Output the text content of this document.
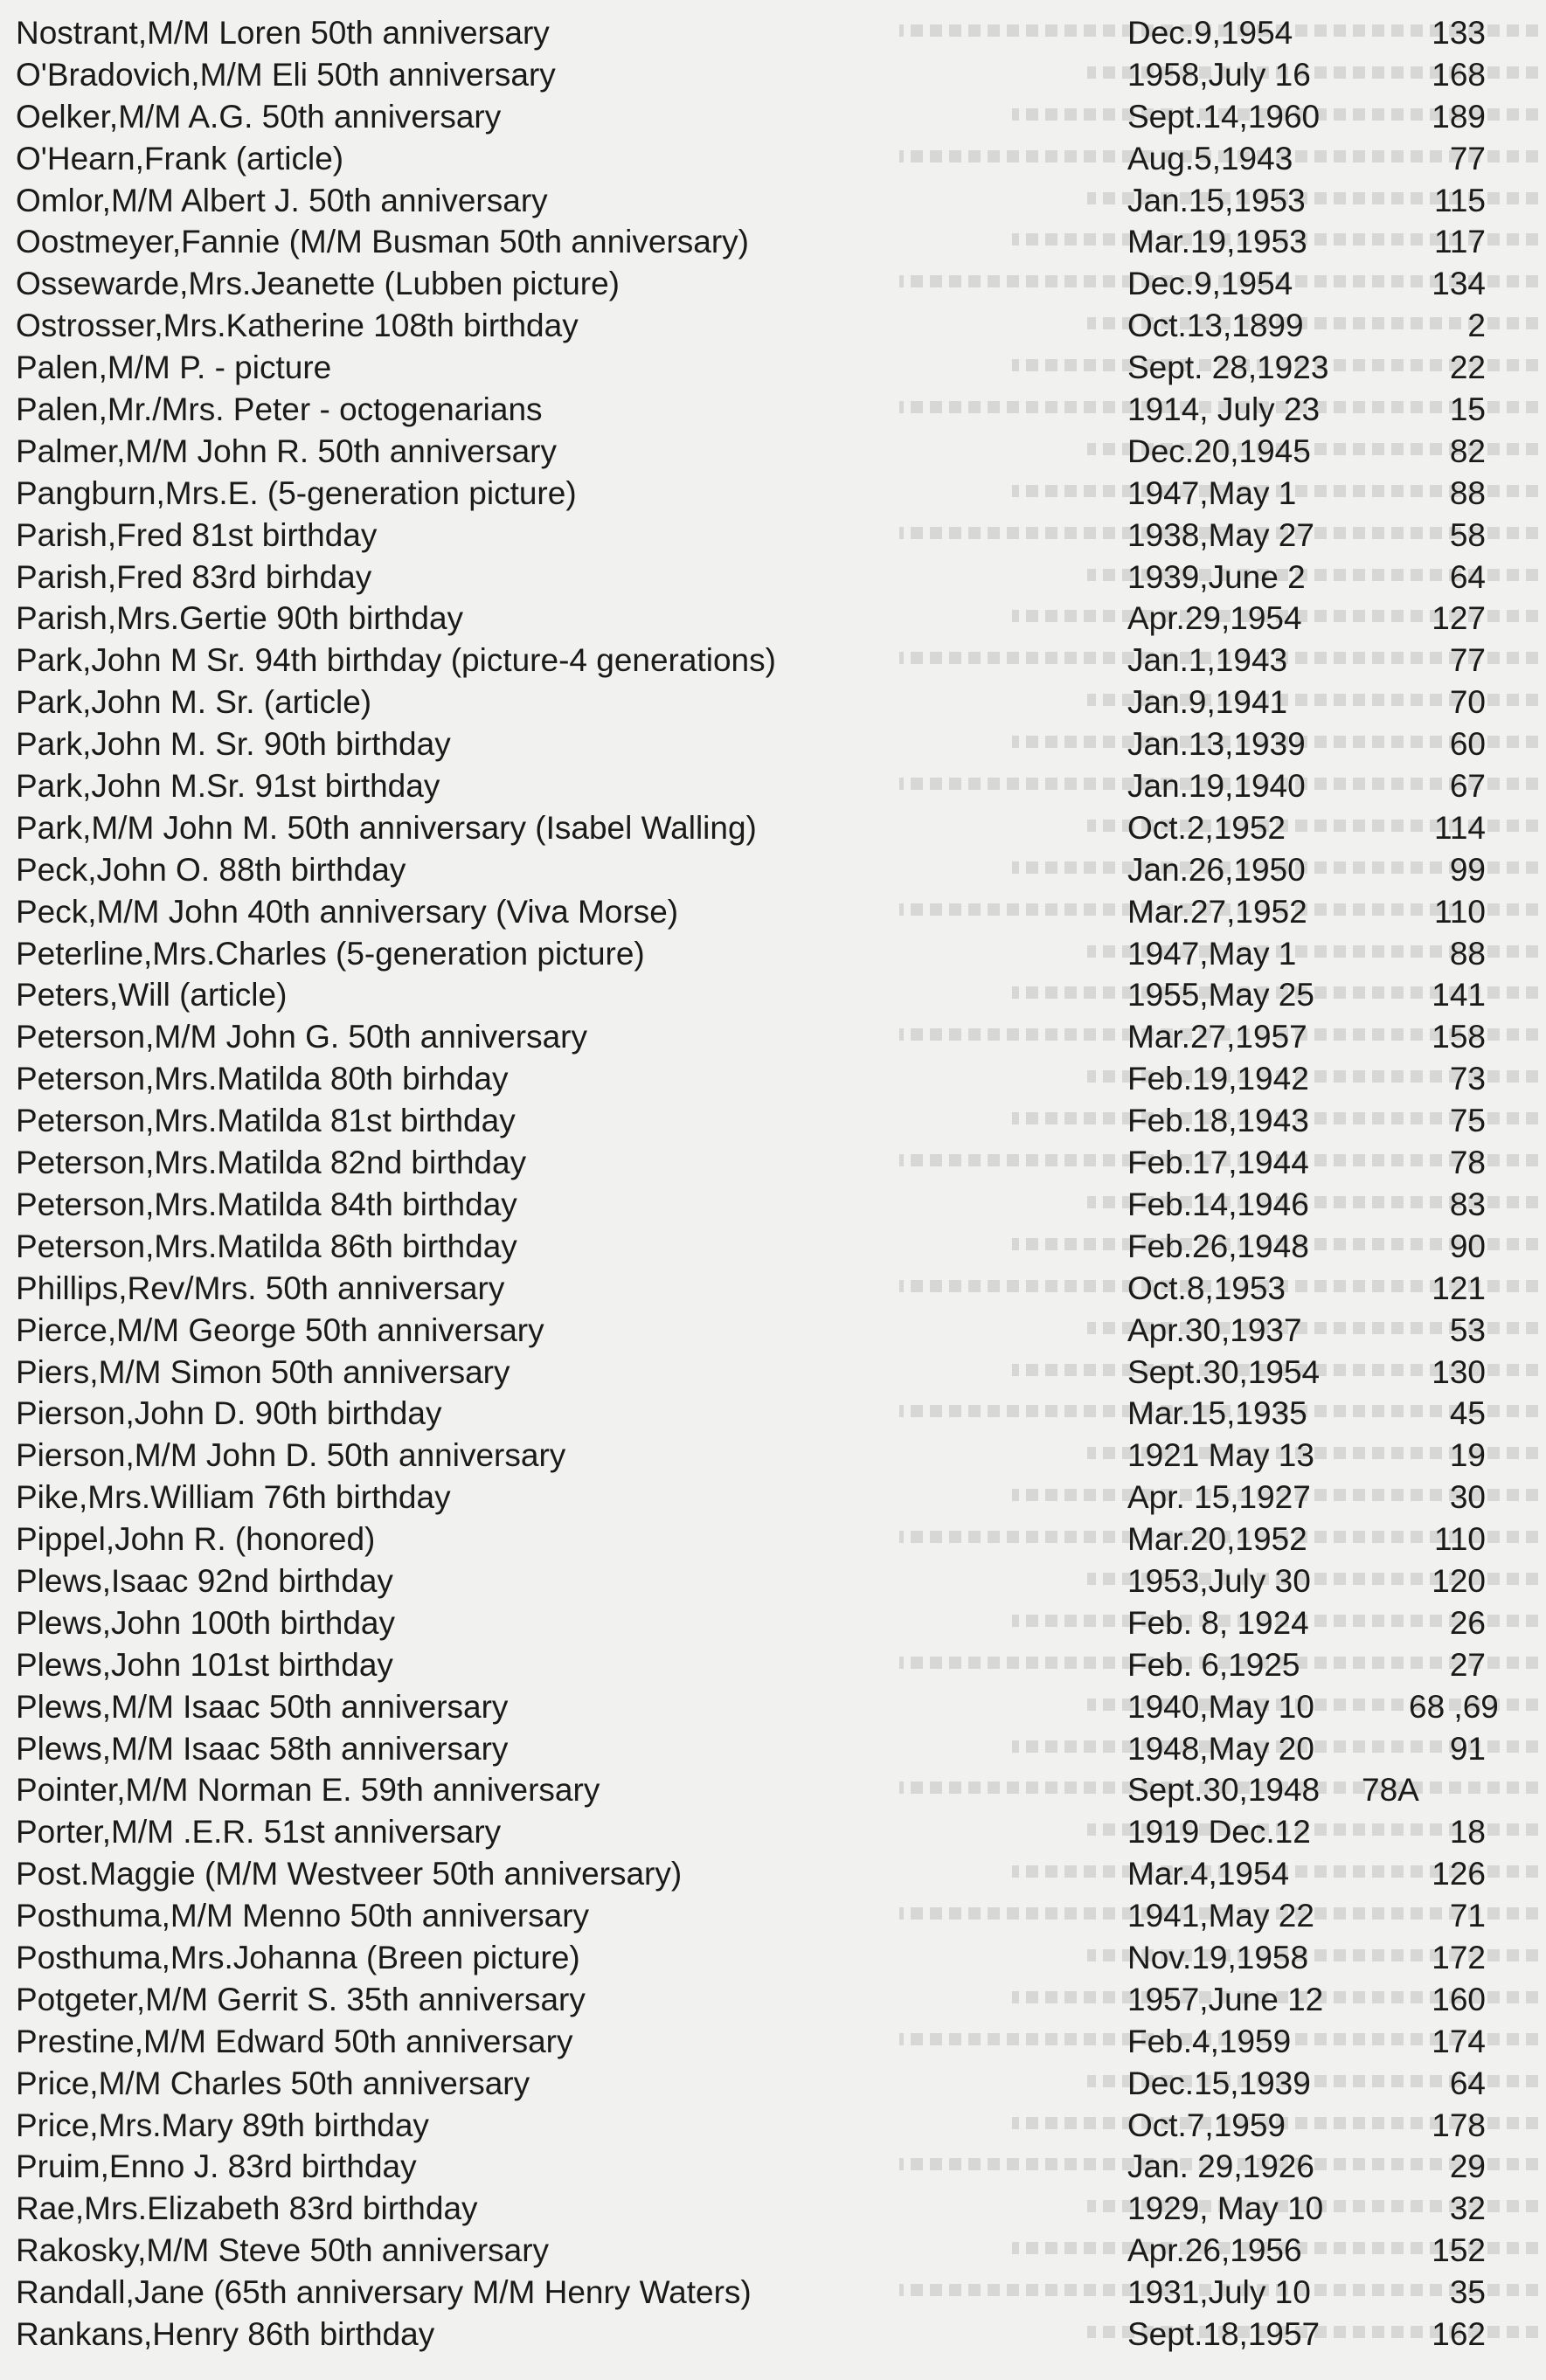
Nostrant,M/M Loren 50th anniversary	Dec.9,1954	133
O'Bradovich,M/M Eli 50th anniversary	1958,July 16	168
Oelker,M/M A.G. 50th anniversary	Sept.14,1960	189
O'Hearn,Frank (article)	Aug.5,1943	77
Omlor,M/M Albert J. 50th anniversary	Jan.15,1953	115
Oostmeyer,Fannie (M/M Busman 50th anniversary)	Mar.19,1953	117
Ossewarde,Mrs.Jeanette (Lubben picture)	Dec.9,1954	134
Ostrosser,Mrs.Katherine 108th birthday	Oct.13,1899	2
Palen,M/M P. - picture	Sept. 28,1923	22
Palen,Mr./Mrs. Peter - octogenarians	1914, July 23	15
Palmer,M/M John R. 50th anniversary	Dec.20,1945	82
Pangburn,Mrs.E. (5-generation picture)	1947,May 1	88
Parish,Fred 81st birthday	1938,May 27	58
Parish,Fred 83rd birhday	1939,June 2	64
Parish,Mrs.Gertie 90th birthday	Apr.29,1954	127
Park,John M Sr. 94th birthday (picture-4 generations)	Jan.1,1943	77
Park,John M. Sr. (article)	Jan.9,1941	70
Park,John M. Sr. 90th birthday	Jan.13,1939	60
Park,John M.Sr. 91st birthday	Jan.19,1940	67
Park,M/M John M. 50th anniversary (Isabel Walling)	Oct.2,1952	114
Peck,John O. 88th birthday	Jan.26,1950	99
Peck,M/M John 40th anniversary (Viva Morse)	Mar.27,1952	110
Peterline,Mrs.Charles (5-generation picture)	1947,May 1	88
Peters,Will (article)	1955,May 25	141
Peterson,M/M John G. 50th anniversary	Mar.27,1957	158
Peterson,Mrs.Matilda 80th birhday	Feb.19,1942	73
Peterson,Mrs.Matilda 81st birthday	Feb.18,1943	75
Peterson,Mrs.Matilda 82nd birthday	Feb.17,1944	78
Peterson,Mrs.Matilda 84th birthday	Feb.14,1946	83
Peterson,Mrs.Matilda 86th birthday	Feb.26,1948	90
Phillips,Rev/Mrs. 50th anniversary	Oct.8,1953	121
Pierce,M/M George 50th anniversary	Apr.30,1937	53
Piers,M/M Simon 50th anniversary	Sept.30,1954	130
Pierson,John D. 90th birthday	Mar.15,1935	45
Pierson,M/M John D. 50th anniversary	1921 May 13	19
Pike,Mrs.William 76th birthday	Apr. 15,1927	30
Pippel,John R. (honored)	Mar.20,1952	110
Plews,Isaac 92nd birthday	1953,July 30	120
Plews,John 100th birthday	Feb. 8, 1924	26
Plews,John 101st birthday	Feb. 6,1925	27
Plews,M/M Isaac 50th anniversary	1940,May 10	68 ,69
Plews,M/M Isaac 58th anniversary	1948,May 20	91
Pointer,M/M Norman E. 59th anniversary	Sept.30,1948 78A
Porter,M/M .E.R. 51st anniversary	1919 Dec.12	18
Post.Maggie (M/M Westveer 50th anniversary)	Mar.4,1954	126
Posthuma,M/M Menno 50th anniversary	1941,May 22	71
Posthuma,Mrs.Johanna (Breen picture)	Nov.19,1958	172
Potgeter,M/M Gerrit S. 35th anniversary	1957,June 12	160
Prestine,M/M Edward 50th anniversary	Feb.4,1959	174
Price,M/M Charles 50th anniversary	Dec.15,1939	64
Price,Mrs.Mary 89th birthday	Oct.7,1959	178
Pruim,Enno J. 83rd birthday	Jan. 29,1926	29
Rae,Mrs.Elizabeth 83rd birthday	1929, May 10	32
Rakosky,M/M Steve 50th anniversary	Apr.26,1956	152
Randall,Jane (65th anniversary M/M Henry Waters)	1931,July 10	35
Rankans,Henry 86th birthday	Sept.18,1957	162
